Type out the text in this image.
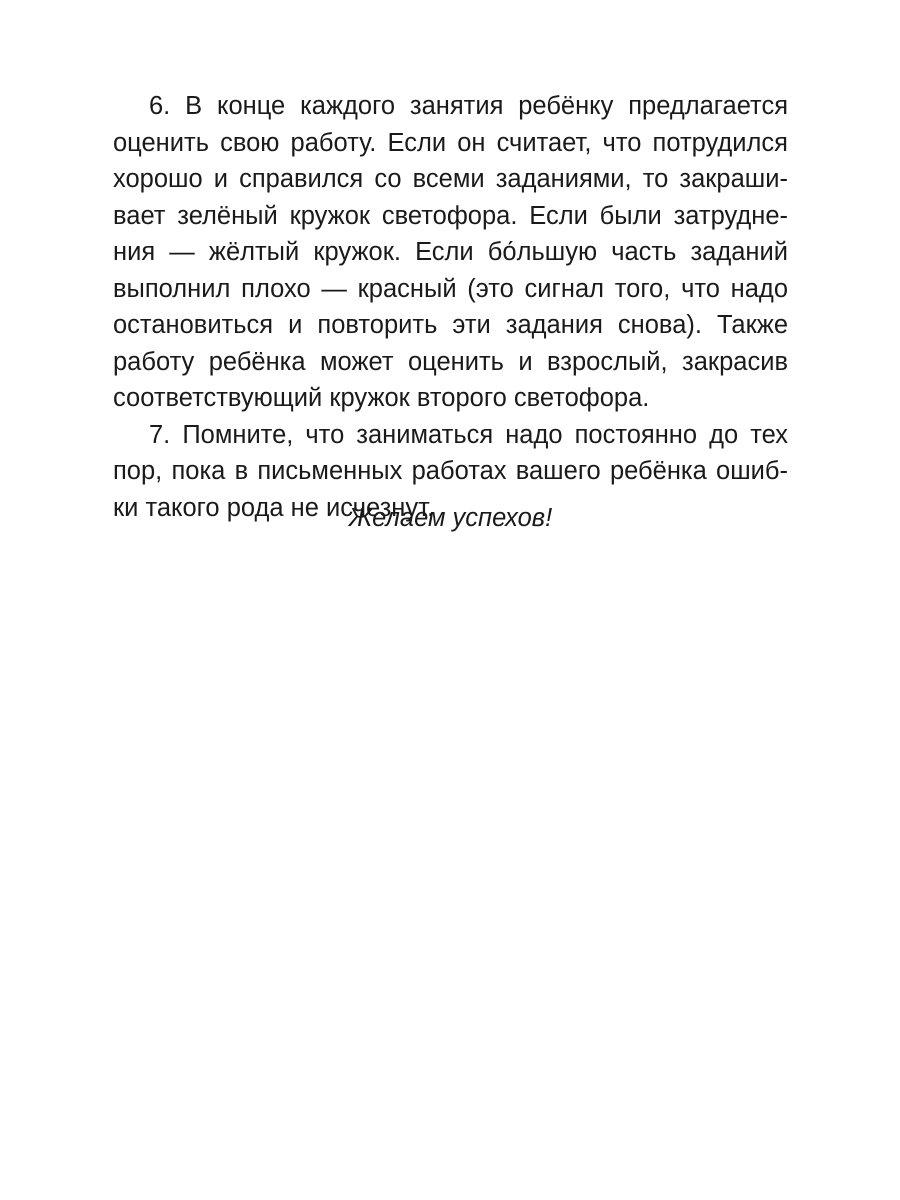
6. В конце каждого занятия ребёнку предлагается
оценить свою работу. Если он считает, что потрудился
хорошо и справился со всеми заданиями, то закраши-
вает зелёный кружок светофора. Если были затрудне-
ния — жёлтый кружок. Если бо́льшую часть заданий
выполнил плохо — красный (это сигнал того, что надо
остановиться и повторить эти задания снова). Также
работу ребёнка может оценить и взрослый, закрасив
соответствующий кружок второго светофора.
7. Помните, что заниматься надо постоянно до тех
пор, пока в письменных работах вашего ребёнка ошиб-
ки такого рода не исчезнут.
Желаем успехов!
